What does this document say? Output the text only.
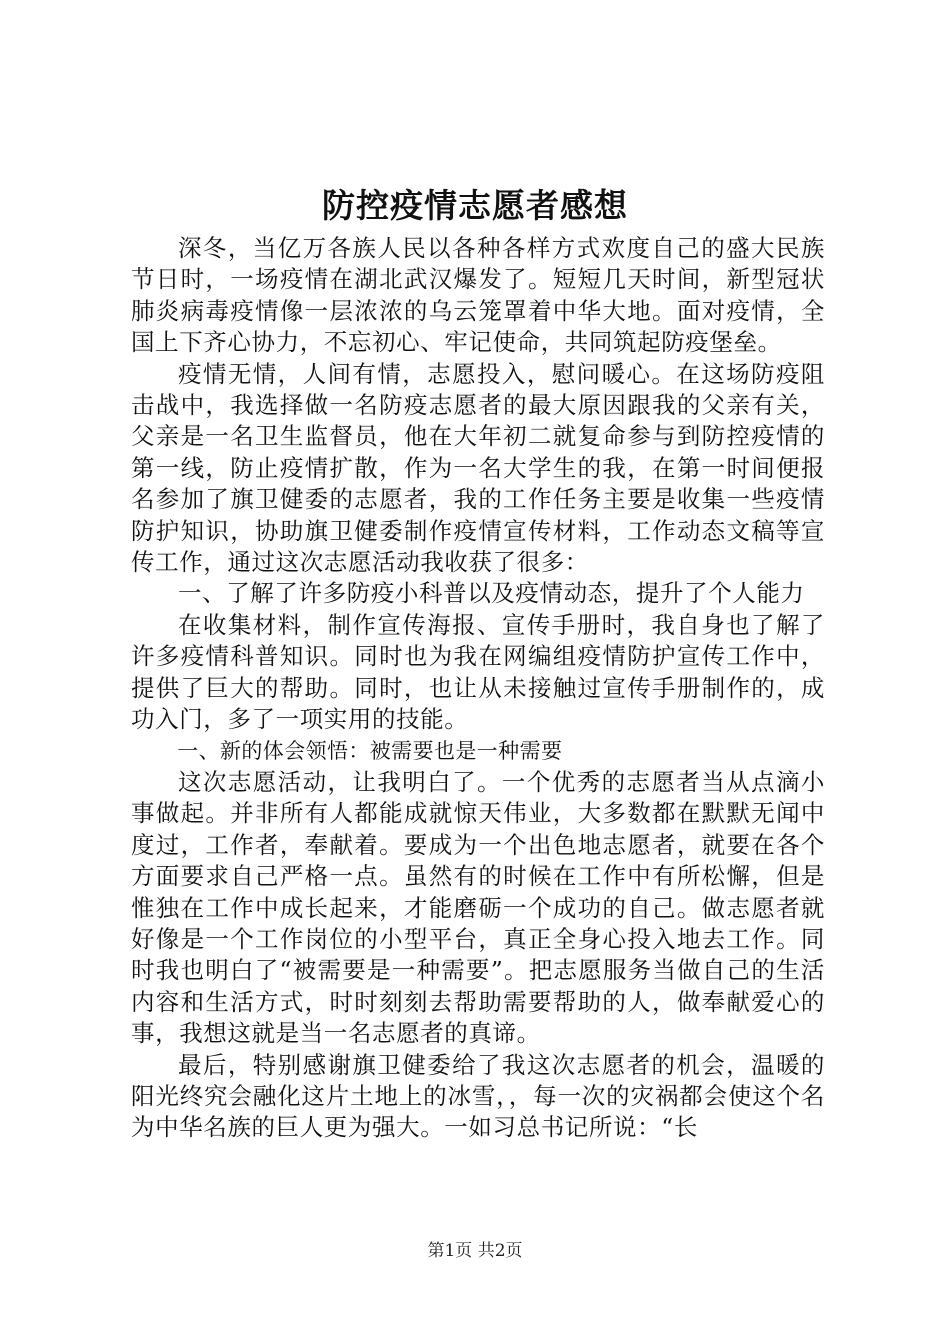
防控疫情志愿者感想

深冬，当亿万各族人民以各种各样方式欢度自己的盛大民族节日时，一场疫情在湖北武汉爆发了。短短几天时间，新型冠状肺炎病毒疫情像一层浓浓的乌云笼罩着中华大地。面对疫情，全国上下齐心协力，不忘初心、牢记使命，共同筑起防疫堡垒。

疫情无情，人间有情，志愿投入，慰问暖心。在这场防疫阻击战中，我选择做一名防疫志愿者的最大原因跟我的父亲有关，父亲是一名卫生监督员，他在大年初二就复命参与到防控疫情的第一线，防止疫情扩散，作为一名大学生的我，在第一时间便报名参加了旗卫健委的志愿者，我的工作任务主要是收集一些疫情防护知识，协助旗卫健委制作疫情宣传材料，工作动态文稿等宣传工作，通过这次志愿活动我收获了很多：

一、了解了许多防疫小科普以及疫情动态，提升了个人能力

在收集材料，制作宣传海报、宣传手册时，我自身也了解了许多疫情科普知识。同时也为我在网编组疫情防护宣传工作中，提供了巨大的帮助。同时，也让从未接触过宣传手册制作的，成功入门，多了一项实用的技能。

一、新的体会领悟：被需要也是一种需要

这次志愿活动，让我明白了。一个优秀的志愿者当从点滴小事做起。并非所有人都能成就惊天伟业，大多数都在默默无闻中度过，工作者，奉献着。要成为一个出色地志愿者，就要在各个方面要求自己严格一点。虽然有的时候在工作中有所松懈，但是惟独在工作中成长起来，才能磨砺一个成功的自己。做志愿者就好像是一个工作岗位的小型平台，真正全身心投入地去工作。同时我也明白了“被需要是一种需要”。把志愿服务当做自己的生活内容和生活方式，时时刻刻去帮助需要帮助的人，做奉献爱心的事，我想这就是当一名志愿者的真谛。

最后，特别感谢旗卫健委给了我这次志愿者的机会，温暖的阳光终究会融化这片土地上的冰雪，，每一次的灾祸都会使这个名为中华名族的巨人更为强大。一如习总书记所说：“长

第1页 共2页
